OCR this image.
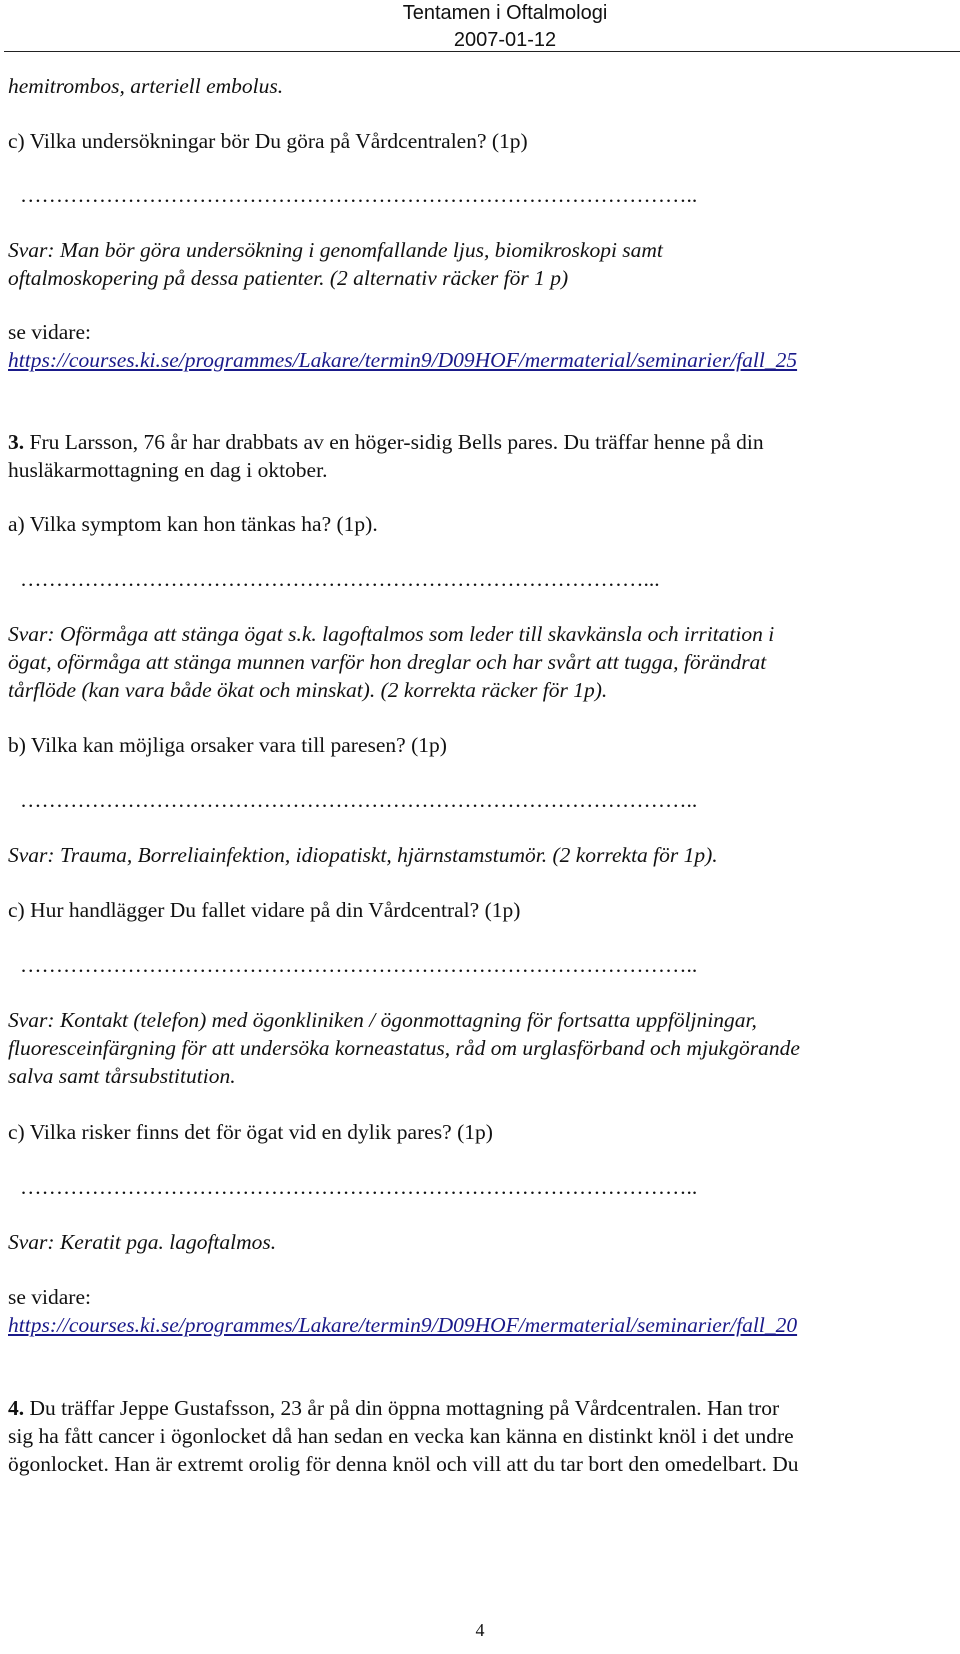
Tentamen i Oftalmologi
2007-01-12
hemitrombos, arteriell embolus.
c) Vilka undersökningar bör Du göra på Vårdcentralen? (1p)
…………………………………………………………………………………..
Svar: Man bör göra undersökning i genomfallande ljus, biomikroskopi samt
oftalmoskopering på dessa patienter. (2 alternativ räcker för 1 p)
se vidare:
https://courses.ki.se/programmes/Lakare/termin9/D09HOF/mermaterial/seminarier/fall_25
3. Fru Larsson, 76 år har drabbats av en höger-sidig Bells pares. Du träffar henne på din
husläkarmottagning en dag i oktober.
a) Vilka symptom kan hon tänkas ha? (1p).
……………………………………………………………………………...
Svar: Oförmåga att stänga ögat s.k. lagoftalmos som leder till skavkänsla och irritation i
ögat, oförmåga att stänga munnen varför hon dreglar och har svårt att tugga, förändrat
tårflöde (kan vara både ökat och minskat). (2 korrekta räcker för 1p).
b) Vilka kan möjliga orsaker vara till paresen? (1p)
…………………………………………………………………………………..
Svar: Trauma, Borreliainfektion, idiopatiskt, hjärnstamstumör. (2 korrekta för 1p).
c) Hur handlägger Du fallet vidare på din Vårdcentral? (1p)
…………………………………………………………………………………..
Svar: Kontakt (telefon) med ögonkliniken / ögonmottagning för fortsatta uppföljningar,
fluoresceinfärgning för att undersöka korneastatus, råd om urglasförband och mjukgörande
salva samt tårsubstitution.
c) Vilka risker finns det för ögat vid en dylik pares? (1p)
…………………………………………………………………………………..
Svar: Keratit pga. lagoftalmos.
se vidare:
https://courses.ki.se/programmes/Lakare/termin9/D09HOF/mermaterial/seminarier/fall_20
4. Du träffar Jeppe Gustafsson, 23 år på din öppna mottagning på Vårdcentralen. Han tror
sig ha fått cancer i ögonlocket då han sedan en vecka kan känna en distinkt knöl i det undre
ögonlocket. Han är extremt orolig för denna knöl och vill att du tar bort den omedelbart. Du
4
